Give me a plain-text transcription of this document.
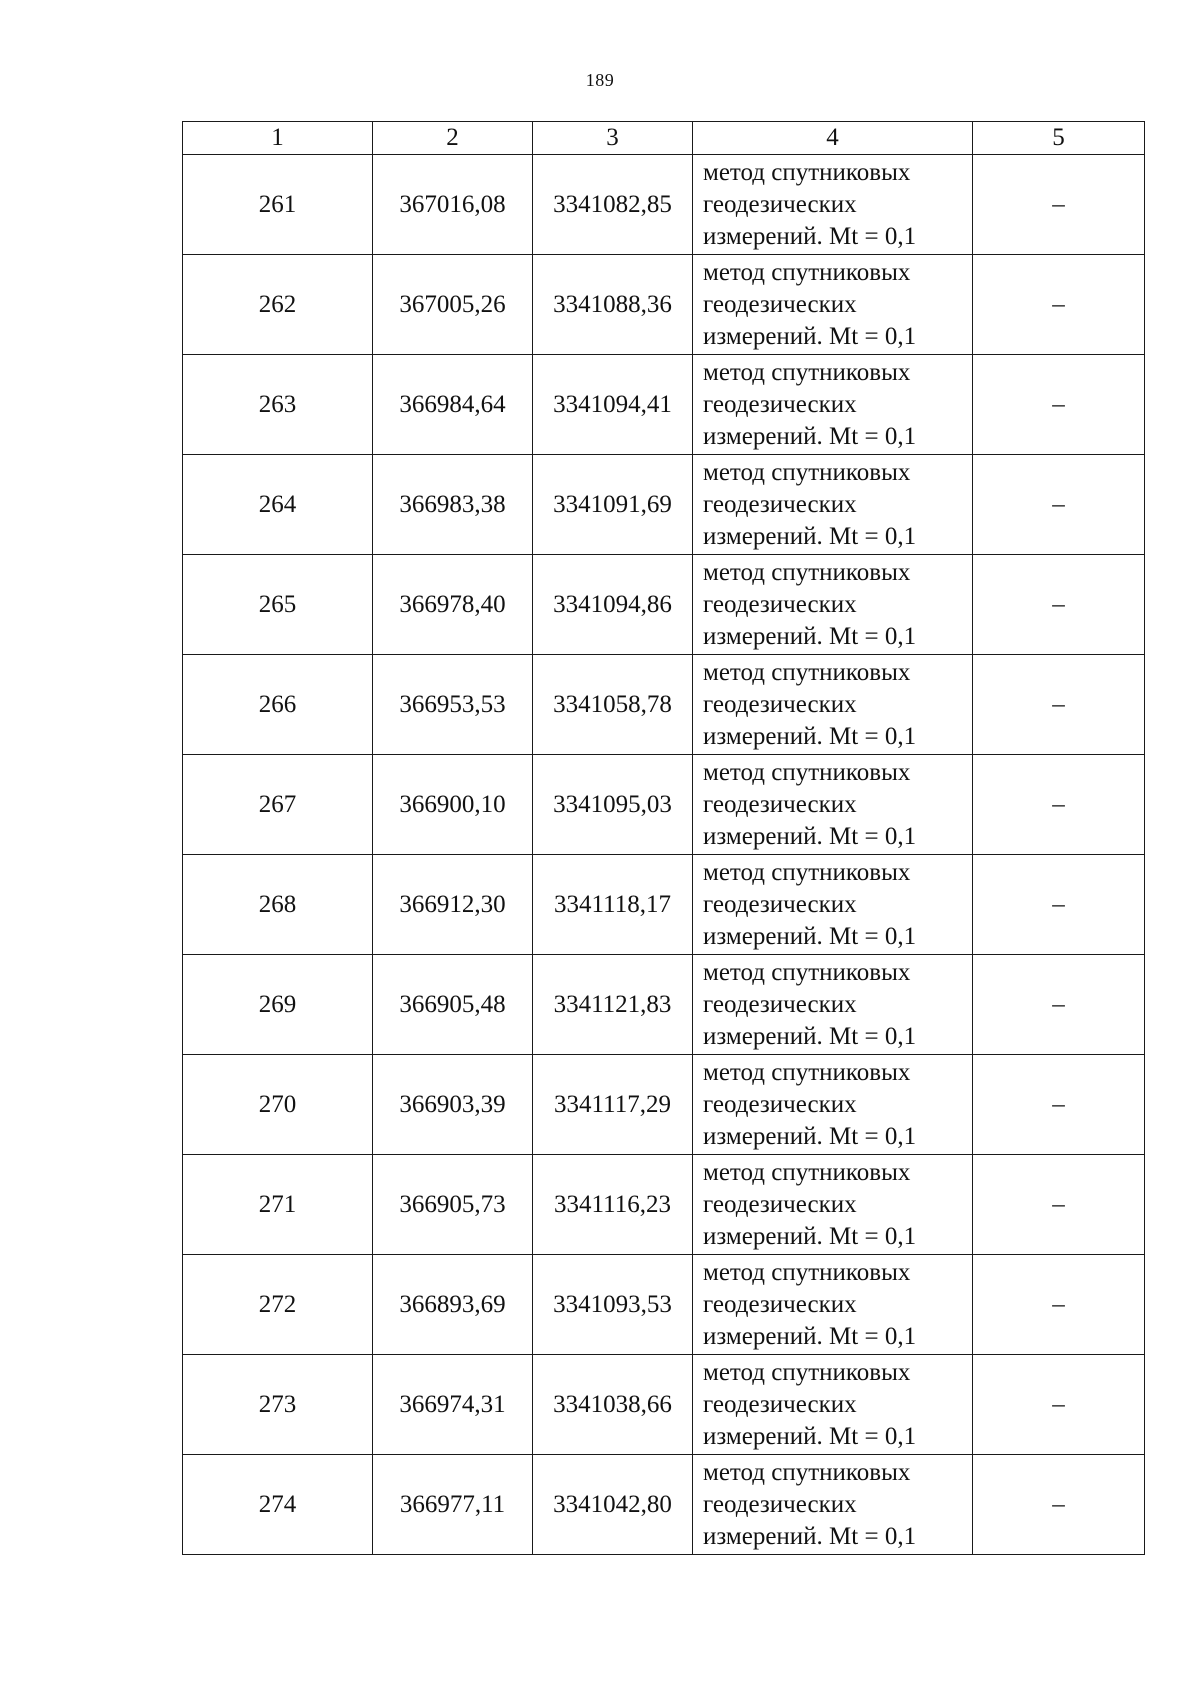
189
1	2	3	4	5
261	367016,08	3341082,85	метод спутниковых
геодезических
измерений. Mt = 0,1	–
262	367005,26	3341088,36	метод спутниковых
геодезических
измерений. Mt = 0,1	–
263	366984,64	3341094,41	метод спутниковых
геодезических
измерений. Mt = 0,1	–
264	366983,38	3341091,69	метод спутниковых
геодезических
измерений. Mt = 0,1	–
265	366978,40	3341094,86	метод спутниковых
геодезических
измерений. Mt = 0,1	–
266	366953,53	3341058,78	метод спутниковых
геодезических
измерений. Mt = 0,1	–
267	366900,10	3341095,03	метод спутниковых
геодезических
измерений. Mt = 0,1	–
268	366912,30	3341118,17	метод спутниковых
геодезических
измерений. Mt = 0,1	–
269	366905,48	3341121,83	метод спутниковых
геодезических
измерений. Mt = 0,1	–
270	366903,39	3341117,29	метод спутниковых
геодезических
измерений. Mt = 0,1	–
271	366905,73	3341116,23	метод спутниковых
геодезических
измерений. Mt = 0,1	–
272	366893,69	3341093,53	метод спутниковых
геодезических
измерений. Mt = 0,1	–
273	366974,31	3341038,66	метод спутниковых
геодезических
измерений. Mt = 0,1	–
274	366977,11	3341042,80	метод спутниковых
геодезических
измерений. Mt = 0,1	–
